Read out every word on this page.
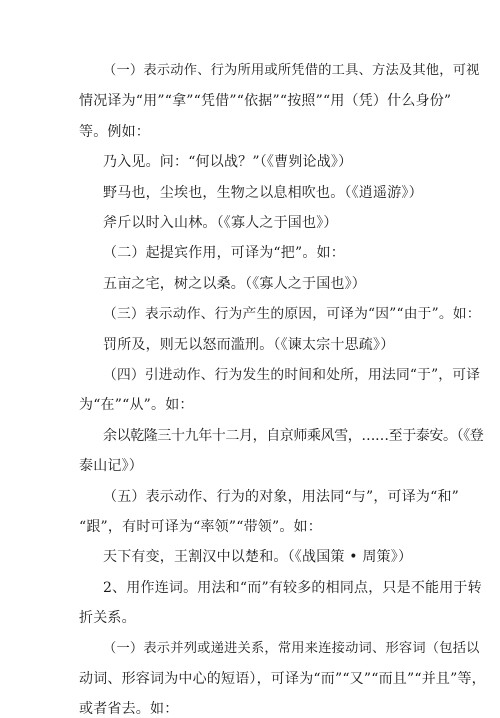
（一）表示动作、行为所用或所凭借的工具、方法及其他，可视
情况译为“用”“拿”“凭借”“依据”“按照”“用（凭）什么身份”
等。例如：
乃入见。问：“何以战？”（《曹刿论战》）
野马也，尘埃也，生物之以息相吹也。（《逍遥游》）
斧斤以时入山林。（《寡人之于国也》）
（二）起提宾作用，可译为“把”。如：
五亩之宅，树之以桑。（《寡人之于国也》）
（三）表示动作、行为产生的原因，可译为“因”“由于”。如：
罚所及，则无以怒而滥刑。（《谏太宗十思疏》）
（四）引进动作、行为发生的时间和处所，用法同“于”，可译
为“在”“从”。如：
余以乾隆三十九年十二月，自京师乘风雪，……至于泰安。（《登
泰山记》）
（五）表示动作、行为的对象，用法同“与”，可译为“和”
“跟”，有时可译为“率领”“带领”。如：
天下有变，王割汉中以楚和。（《战国策 • 周策》）
2、用作连词。用法和“而”有较多的相同点，只是不能用于转
折关系。
（一）表示并列或递进关系，常用来连接动词、形容词（包括以
动词、形容词为中心的短语），可译为“而”“又”“而且”“并且”等，
或者省去。如：
